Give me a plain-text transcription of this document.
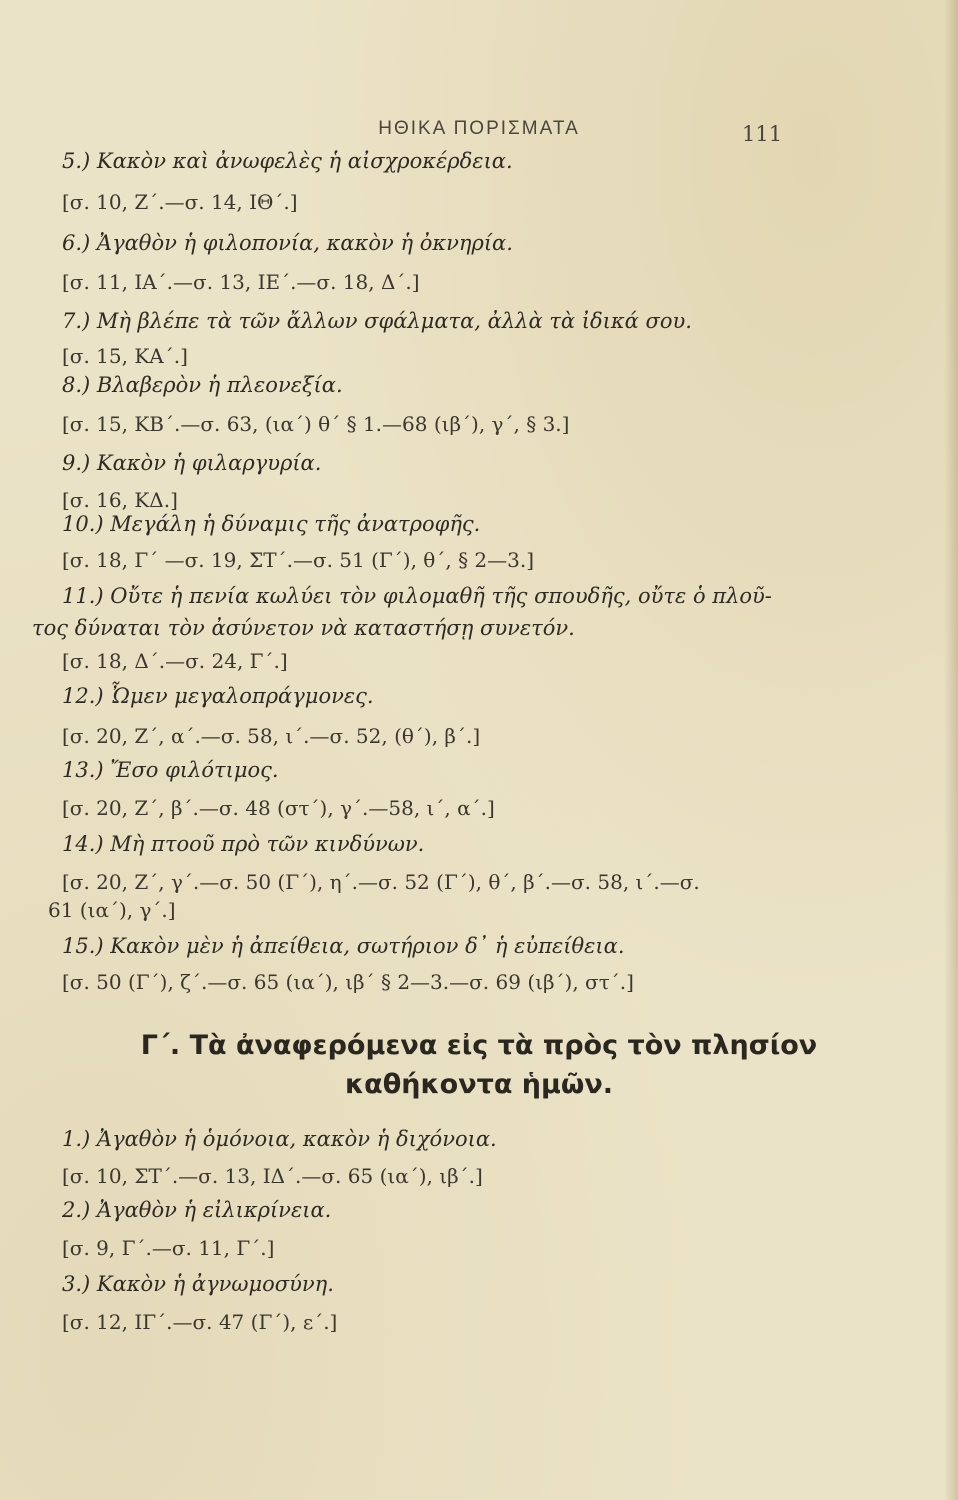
ΗΘΙΚΑ ΠΟΡΙΣΜΑΤΑ	111
5.) Κακὸν καὶ ἀνωφελὲς ἡ αἰσχροκέρδεια.
[σ. 10, Ζ΄.—σ. 14, ΙΘ΄.]
6.) Ἀγαθὸν ἡ φιλοπονία, κακὸν ἡ ὀκνηρία.
[σ. 11, ΙΑ΄.—σ. 13, ΙΕ΄.—σ. 18, Δ΄.]
7.) Μὴ βλέπε τὰ τῶν ἄλλων σφάλματα, ἀλλὰ τὰ ἰδικά σου.
[σ. 15, ΚΑ΄.]
8.) Βλαβερὸν ἡ πλεονεξία.
[σ. 15, ΚΒ΄.—σ. 63, (ια΄) θ΄ § 1.—68 (ιβ΄), γ΄, § 3.]
9.) Κακὸν ἡ φιλαργυρία.
[σ. 16, ΚΔ.]
10.) Μεγάλη ἡ δύναμις τῆς ἀνατροφῆς.
[σ. 18, Γ΄ —σ. 19, ΣΤ΄.—σ. 51 (Γ΄), θ΄, § 2—3.]
11.) Οὔτε ἡ πενία κωλύει τὸν φιλομαθῆ τῆς σπουδῆς, οὔτε ὁ πλοῦ-
τος δύναται τὸν ἀσύνετον νὰ καταστήσῃ συνετόν.
[σ. 18, Δ΄.—σ. 24, Γ΄.]
12.) Ὦμεν μεγαλοπράγμονες.
[σ. 20, Ζ΄, α΄.—σ. 58, ι΄.—σ. 52, (θ΄), β΄.]
13.) Ἔσο φιλότιμος.
[σ. 20, Ζ΄, β΄.—σ. 48 (στ΄), γ΄.—58, ι΄, α΄.]
14.) Μὴ πτοοῦ πρὸ τῶν κινδύνων.
[σ. 20, Ζ΄, γ΄.—σ. 50 (Γ΄), η΄.—σ. 52 (Γ΄), θ΄, β΄.—σ. 58, ι΄.—σ.
61 (ια΄), γ΄.]
15.) Κακὸν μὲν ἡ ἀπείθεια, σωτήριον δ᾽ ἡ εὐπείθεια.
[σ. 50 (Γ΄), ζ΄.—σ. 65 (ια΄), ιβ΄ § 2—3.—σ. 69 (ιβ΄), στ΄.]
Γ΄. Τὰ ἀναφερόμενα εἰς τὰ πρὸς τὸν πλησίον
καθήκοντα ἡμῶν.
1.) Ἀγαθὸν ἡ ὁμόνοια, κακὸν ἡ διχόνοια.
[σ. 10, ΣΤ΄.—σ. 13, ΙΔ΄.—σ. 65 (ια΄), ιβ΄.]
2.) Ἀγαθὸν ἡ εἰλικρίνεια.
[σ. 9, Γ΄.—σ. 11, Γ΄.]
3.) Κακὸν ἡ ἀγνωμοσύνη.
[σ. 12, ΙΓ΄.—σ. 47 (Γ΄), ε΄.]
